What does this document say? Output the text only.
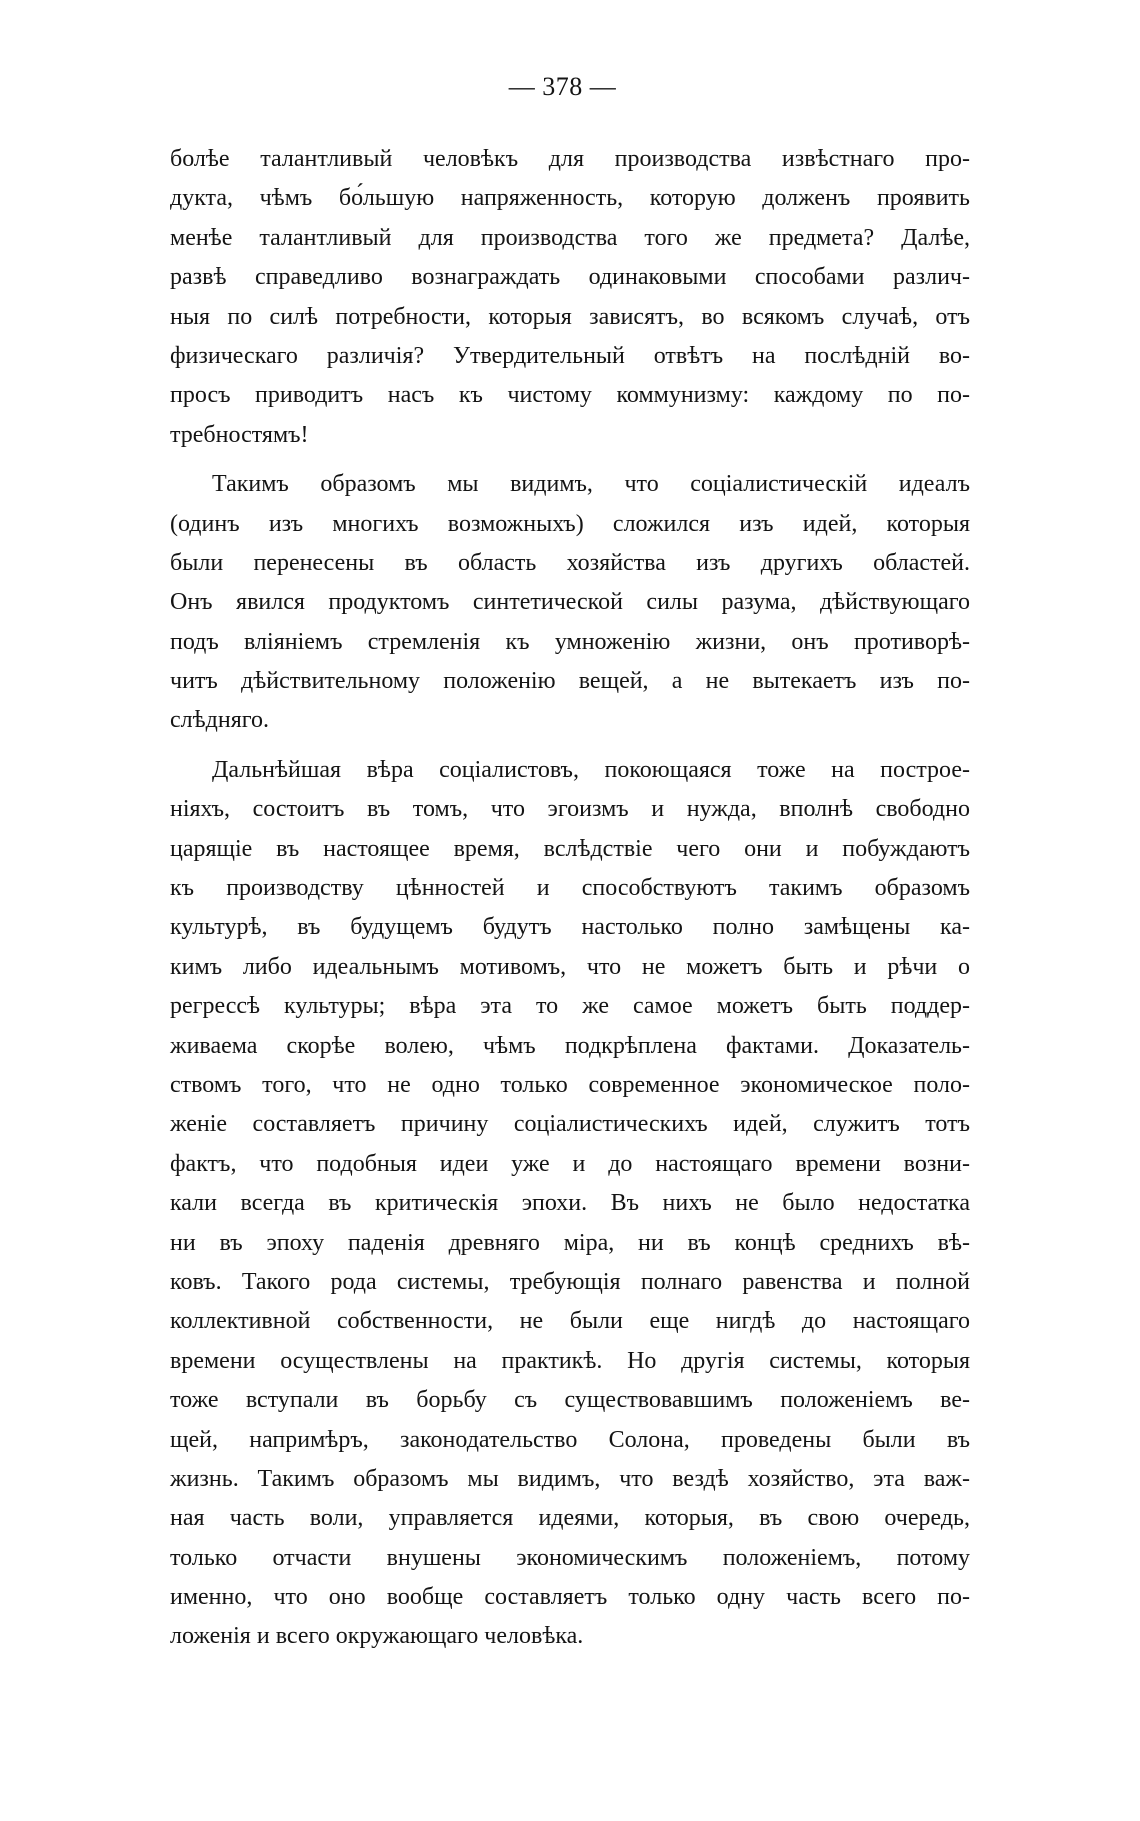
— 378 —
болѣе талантливый человѣкъ для производства извѣстнаго про-
дукта, чѣмъ бо́льшую напряженность, которую долженъ проявить
менѣе талантливый для производства того же предмета? Далѣе,
развѣ справедливо вознаграждать одинаковыми способами различ-
ныя по силѣ потребности, которыя зависятъ, во всякомъ случаѣ, отъ
физическаго различія? Утвердительный отвѣтъ на послѣдній во-
просъ приводитъ насъ къ чистому коммунизму: каждому по по-
требностямъ!
Такимъ образомъ мы видимъ, что соціалистическій идеалъ
(одинъ изъ многихъ возможныхъ) сложился изъ идей, которыя
были перенесены въ область хозяйства изъ другихъ областей.
Онъ явился продуктомъ синтетической силы разума, дѣйствующаго
подъ вліяніемъ стремленія къ умноженію жизни, онъ противорѣ-
читъ дѣйствительному положенію вещей, а не вытекаетъ изъ по-
слѣдняго.
Дальнѣйшая вѣра соціалистовъ, покоющаяся тоже на построе-
ніяхъ, состоитъ въ томъ, что эгоизмъ и нужда, вполнѣ свободно
царящіе въ настоящее время, вслѣдствіе чего они и побуждаютъ
къ производству цѣнностей и способствуютъ такимъ образомъ
культурѣ, въ будущемъ будутъ настолько полно замѣщены ка-
кимъ либо идеальнымъ мотивомъ, что не можетъ быть и рѣчи о
регрессѣ культуры; вѣра эта то же самое можетъ быть поддер-
живаема скорѣе волею, чѣмъ подкрѣплена фактами. Доказатель-
ствомъ того, что не одно только современное экономическое поло-
женіе составляетъ причину соціалистическихъ идей, служитъ тотъ
фактъ, что подобныя идеи уже и до настоящаго времени возни-
кали всегда въ критическія эпохи. Въ нихъ не было недостатка
ни въ эпоху паденія древняго міра, ни въ концѣ среднихъ вѣ-
ковъ. Такого рода системы, требующія полнаго равенства и полной
коллективной собственности, не были еще нигдѣ до настоящаго
времени осуществлены на практикѣ. Но другія системы, которыя
тоже вступали въ борьбу съ существовавшимъ положеніемъ ве-
щей, напримѣръ, законодательство Солона, проведены были въ
жизнь. Такимъ образомъ мы видимъ, что вездѣ хозяйство, эта важ-
ная часть воли, управляется идеями, которыя, въ свою очередь,
только отчасти внушены экономическимъ положеніемъ, потому
именно, что оно вообще составляетъ только одну часть всего по-
ложенія и всего окружающаго человѣка.
